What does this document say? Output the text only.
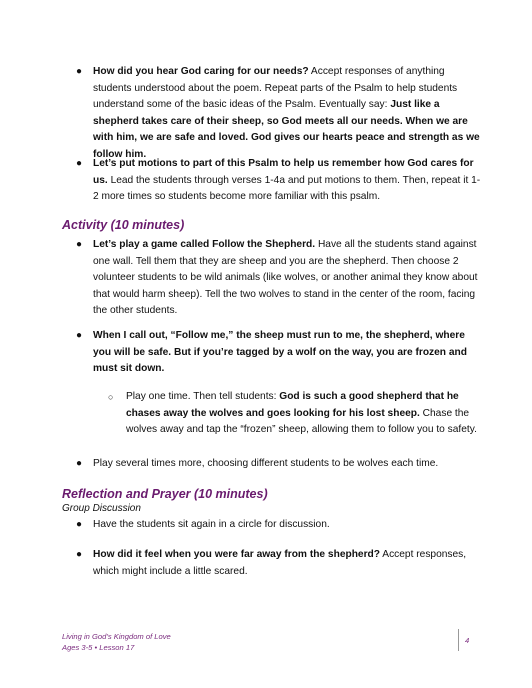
● How did you hear God caring for our needs? Accept responses of anything students understood about the poem. Repeat parts of the Psalm to help students understand some of the basic ideas of the Psalm. Eventually say: Just like a shepherd takes care of their sheep, so God meets all our needs. When we are with him, we are safe and loved. God gives our hearts peace and strength as we follow him.
● Let’s put motions to part of this Psalm to help us remember how God cares for us. Lead the students through verses 1-4a and put motions to them. Then, repeat it 1-2 more times so students become more familiar with this psalm.
Activity (10 minutes)
● Let’s play a game called Follow the Shepherd. Have all the students stand against one wall. Tell them that they are sheep and you are the shepherd. Then choose 2 volunteer students to be wild animals (like wolves, or another animal they know about that would harm sheep). Tell the two wolves to stand in the center of the room, facing the other students.
● When I call out, “Follow me,” the sheep must run to me, the shepherd, where you will be safe. But if you’re tagged by a wolf on the way, you are frozen and must sit down.
○ Play one time. Then tell students: God is such a good shepherd that he chases away the wolves and goes looking for his lost sheep. Chase the wolves away and tap the “frozen” sheep, allowing them to follow you to safety.
● Play several times more, choosing different students to be wolves each time.
Reflection and Prayer (10 minutes)
Group Discussion
● Have the students sit again in a circle for discussion.
● How did it feel when you were far away from the shepherd? Accept responses, which might include a little scared.
Living in God’s Kingdom of Love
Ages 3-5 • Lesson 17
4
